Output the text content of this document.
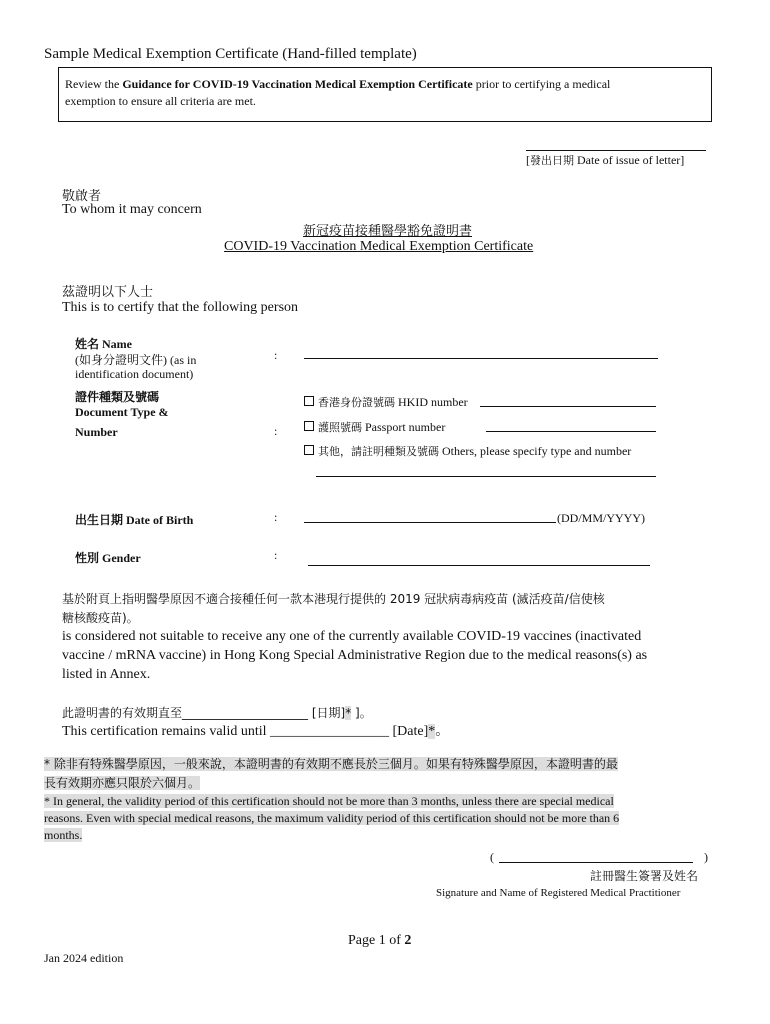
Sample Medical Exemption Certificate (Hand-filled template)
Review the Guidance for COVID-19 Vaccination Medical Exemption Certificate prior to certifying a medical
exemption to ensure all criteria are met.
[發出日期 Date of issue of letter]
敬啟者
To whom it may concern
新冠疫苗接種醫學豁免證明書
COVID-19 Vaccination Medical Exemption Certificate
茲證明以下人士
This is to certify that the following person
姓名 Name
(如身分證明文件) (as in
identification document)
:
證件種類及號碼
Document Type &
Number	:
香港身份證號碼 HKID number
護照號碼 Passport number
其他，請註明種類及號碼 Others, please specify type and number
出生日期 Date of Birth	:	(DD/MM/YYYY)
性別 Gender	:
基於附頁上指明醫學原因不適合接種任何一款本港現行提供的 2019 冠狀病毒病疫苗 (滅活疫苗/信使核
糖核酸疫苗)。
is considered not suitable to receive any one of the currently available COVID-19 vaccines (inactivated
vaccine / mRNA vaccine) in Hong Kong Special Administrative Region due to the medical reasons(s) as
listed in Annex.
此證明書的有效期直至_____________________ [日期]* ]。
This certification remains valid until _________________ [Date]*。
* 除非有特殊醫學原因，一般來說，本證明書的有效期不應長於三個月。如果有特殊醫學原因，本證明書的最
長有效期亦應只限於六個月。
* In general, the validity period of this certification should not be more than 3 months, unless there are special medical
reasons. Even with special medical reasons, the maximum validity period of this certification should not be more than 6
months.
(	)
註冊醫生簽署及姓名
Signature and Name of Registered Medical Practitioner
Page 1 of 2
Jan 2024 edition
